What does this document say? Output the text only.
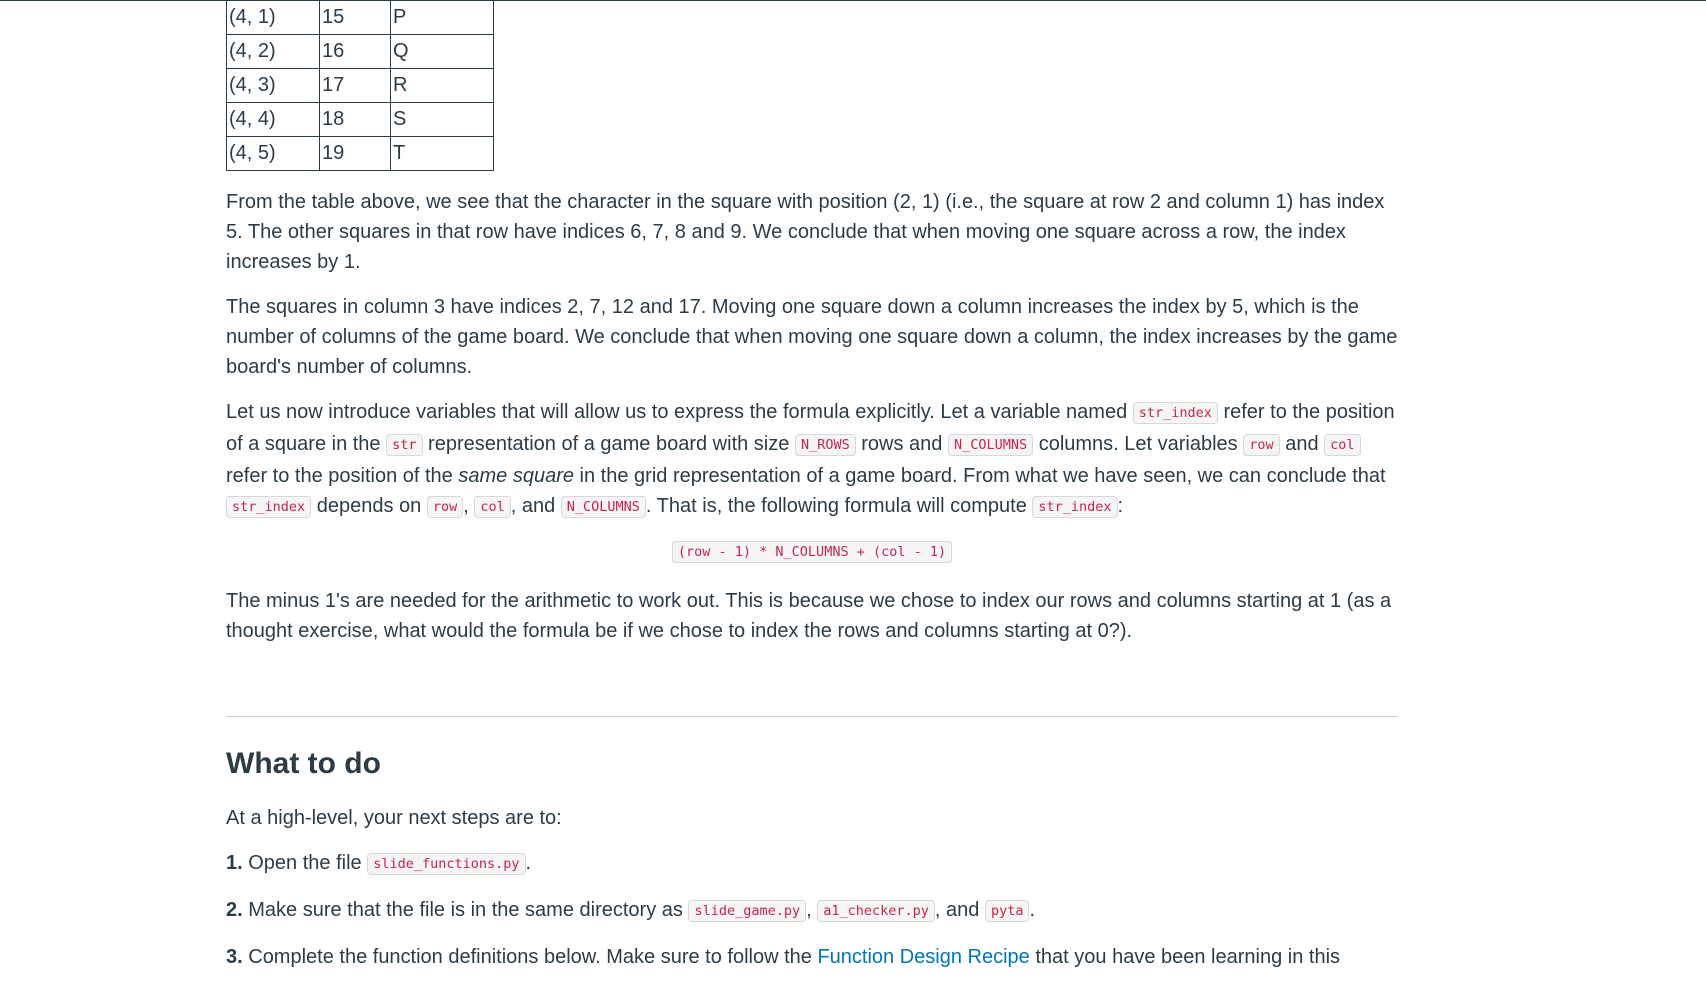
(4, 1)	15	P
(4, 2)	16	Q
(4, 3)	17	R
(4, 4)	18	S
(4, 5)	19	T

From the table above, we see that the character in the square with position (2, 1) (i.e., the square at row 2 and column 1) has index 5. The other squares in that row have indices 6, 7, 8 and 9. We conclude that when moving one square across a row, the index increases by 1.

The squares in column 3 have indices 2, 7, 12 and 17. Moving one square down a column increases the index by 5, which is the number of columns of the game board. We conclude that when moving one square down a column, the index increases by the game board's number of columns.

Let us now introduce variables that will allow us to express the formula explicitly. Let a variable named str_index refer to the position of a square in the str representation of a game board with size N_ROWS rows and N_COLUMNS columns. Let variables row and col refer to the position of the same square in the grid representation of a game board. From what we have seen, we can conclude that str_index depends on row , col , and N_COLUMNS . That is, the following formula will compute str_index :

(row - 1) * N_COLUMNS + (col - 1)

The minus 1's are needed for the arithmetic to work out. This is because we chose to index our rows and columns starting at 1 (as a thought exercise, what would the formula be if we chose to index the rows and columns starting at 0?).

What to do

At a high-level, your next steps are to:

1. Open the file slide_functions.py .

2. Make sure that the file is in the same directory as slide_game.py , a1_checker.py , and pyta .

3. Complete the function definitions below. Make sure to follow the Function Design Recipe that you have been learning in this
